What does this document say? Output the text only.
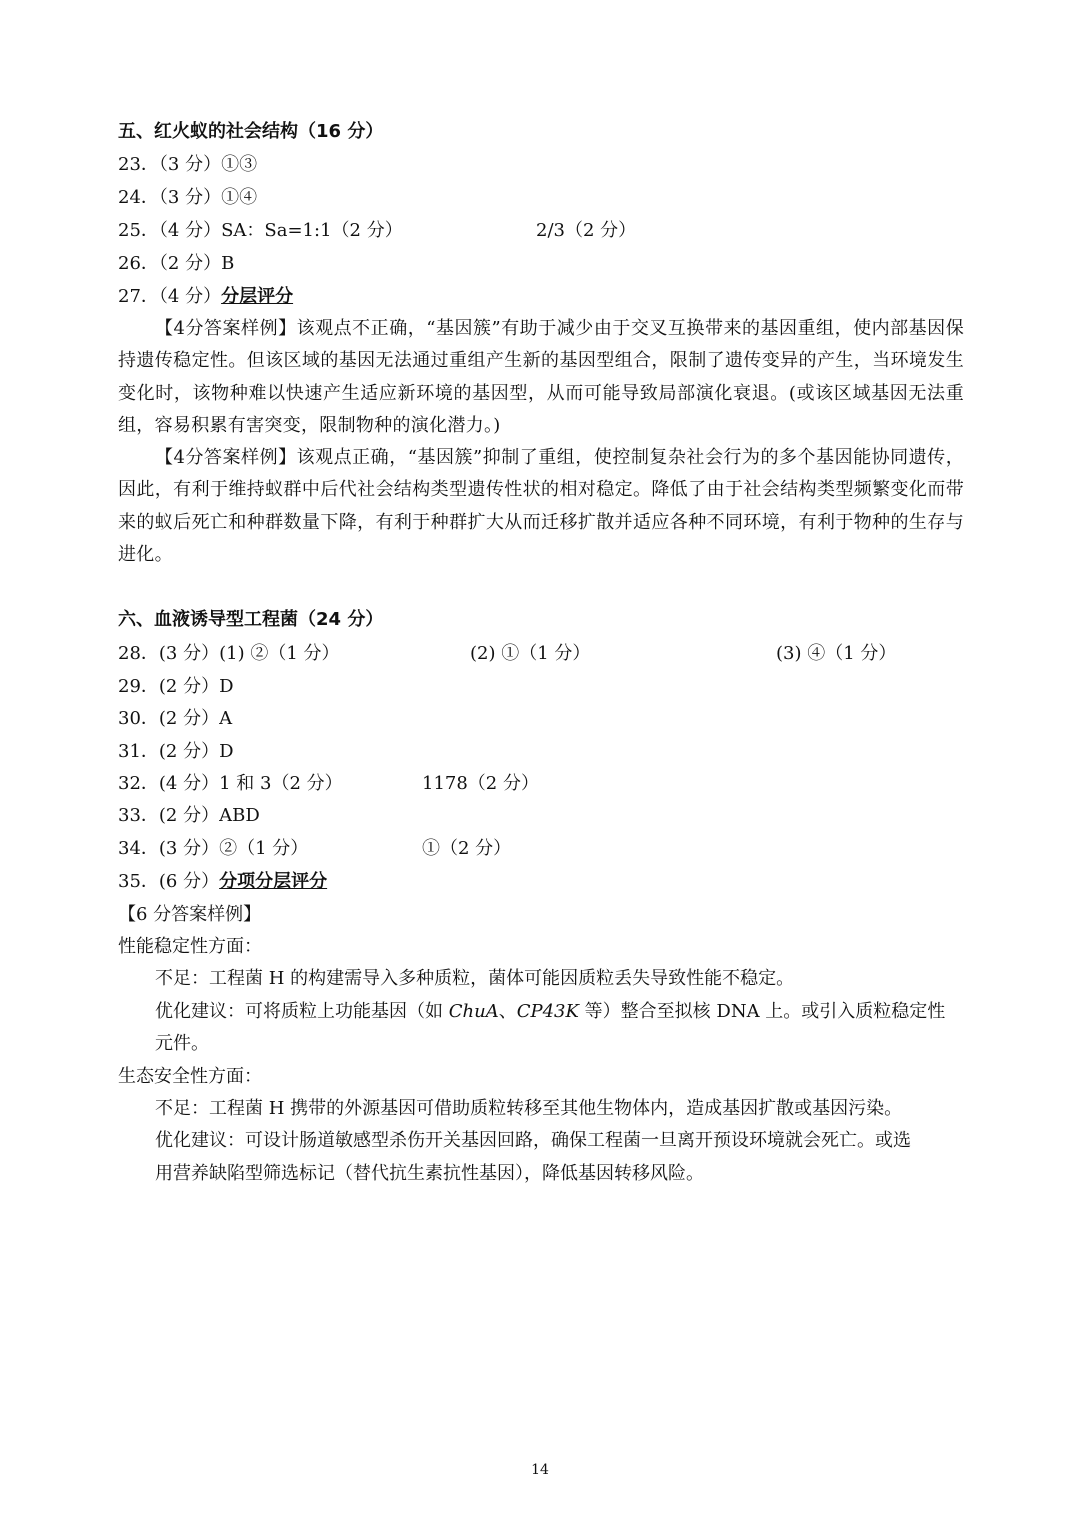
五、红火蚁的社会结构（16 分）
23．（3 分）①③
24．（3 分）①④
25．（4 分）SA：Sa=1:1（2 分）	2/3（2 分）
26．（2 分）B
27．（4 分）分层评分
【4分答案样例】该观点不正确，“基因簇”有助于减少由于交叉互换带来的基因重组，使内部基因保持遗传稳定性。但该区域的基因无法通过重组产生新的基因型组合，限制了遗传变异的产生，当环境发生变化时，该物种难以快速产生适应新环境的基因型，从而可能导致局部演化衰退。(或该区域基因无法重组，容易积累有害突变，限制物种的演化潜力。)
【4分答案样例】该观点正确，“基因簇”抑制了重组，使控制复杂社会行为的多个基因能协同遗传，因此，有利于维持蚁群中后代社会结构类型遗传性状的相对稳定。降低了由于社会结构类型频繁变化而带来的蚁后死亡和种群数量下降，有利于种群扩大从而迁移扩散并适应各种不同环境，有利于物种的生存与进化。
六、血液诱导型工程菌（24 分）
28．(3 分）(1) ②（1 分）	(2) ①（1 分）	(3) ④（1 分）
29．(2 分）D
30．(2 分）A
31．(2 分）D
32．(4 分）1 和 3（2 分）	1178（2 分）
33．(2 分）ABD
34．(3 分）②（1 分）	①（2 分）
35．(6 分）分项分层评分
【6 分答案样例】
性能稳定性方面：
不足：工程菌 H 的构建需导入多种质粒，菌体可能因质粒丢失导致性能不稳定。
优化建议：可将质粒上功能基因（如 ChuA、CP43K 等）整合至拟核 DNA 上。或引入质粒稳定性
元件。
生态安全性方面：
不足：工程菌 H 携带的外源基因可借助质粒转移至其他生物体内，造成基因扩散或基因污染。
优化建议：可设计肠道敏感型杀伤开关基因回路，确保工程菌一旦离开预设环境就会死亡。或选
用营养缺陷型筛选标记（替代抗生素抗性基因），降低基因转移风险。
14
